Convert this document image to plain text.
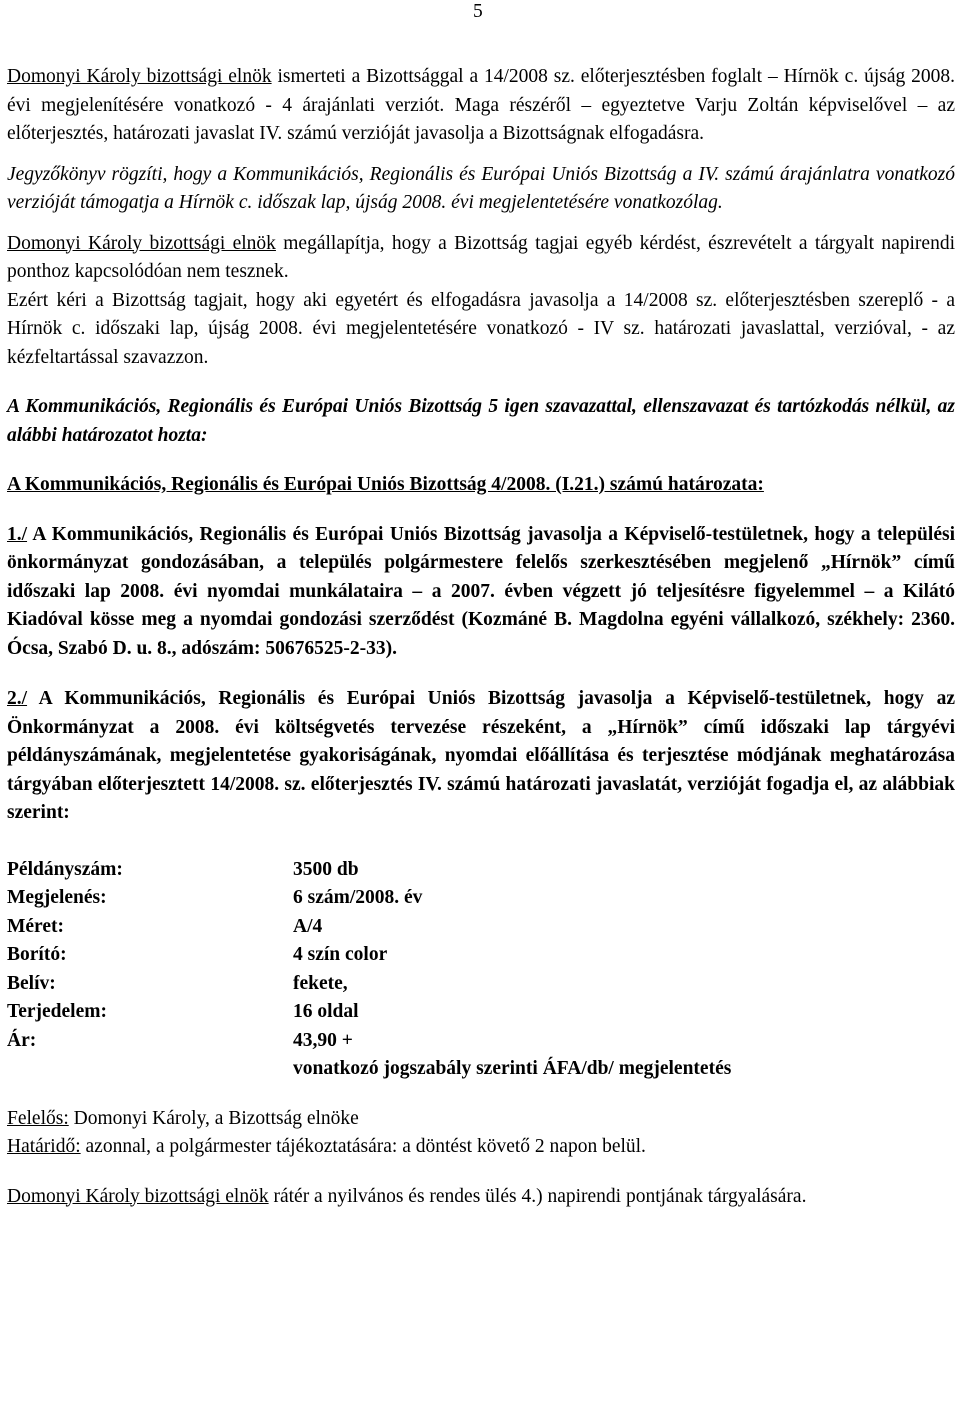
5

Domonyi Károly bizottsági elnök ismerteti a Bizottsággal a 14/2008 sz. előterjesztésben foglalt – Hírnök c. újság 2008. évi megjelenítésére vonatkozó - 4 árajánlati verziót. Maga részéről – egyeztetve Varju Zoltán képviselővel – az előterjesztés, határozati javaslat IV. számú verzióját javasolja a Bizottságnak elfogadásra.

Jegyzőkönyv rögzíti, hogy a Kommunikációs, Regionális és Európai Uniós Bizottság a IV. számú árajánlatra vonatkozó verzióját támogatja a Hírnök c. időszak lap, újság 2008. évi megjelentetésére vonatkozólag.

Domonyi Károly bizottsági elnök megállapítja, hogy a Bizottság tagjai egyéb kérdést, észrevételt a tárgyalt napirendi ponthoz kapcsolódóan nem tesznek.

Ezért kéri a Bizottság tagjait, hogy aki egyetért és elfogadásra javasolja a 14/2008 sz. előterjesztésben szereplő - a Hírnök c. időszaki lap, újság 2008. évi megjelentetésére vonatkozó - IV sz. határozati javaslattal, verzióval, - az kézfeltartással szavazzon.

A Kommunikációs, Regionális és Európai Uniós Bizottság 5 igen szavazattal, ellenszavazat és tartózkodás nélkül, az alábbi határozatot hozta:

A Kommunikációs, Regionális és Európai Uniós Bizottság 4/2008. (I.21.) számú határozata:

1./ A Kommunikációs, Regionális és Európai Uniós Bizottság javasolja a Képviselő-testületnek, hogy a települési önkormányzat gondozásában, a település polgármestere felelős szerkesztésében megjelenő „Hírnök” című időszaki lap 2008. évi nyomdai munkálataira – a 2007. évben végzett jó teljesítésre figyelemmel – a Kilátó Kiadóval kösse meg a nyomdai gondozási szerződést (Kozmáné B. Magdolna egyéni vállalkozó, székhely: 2360. Ócsa, Szabó D. u. 8., adószám: 50676525-2-33).

2./ A Kommunikációs, Regionális és Európai Uniós Bizottság javasolja a Képviselő-testületnek, hogy az Önkormányzat a 2008. évi költségvetés tervezése részeként, a „Hírnök” című időszaki lap tárgyévi példányszámának, megjelentetése gyakoriságának, nyomdai előállítása és terjesztése módjának meghatározása tárgyában előterjesztett 14/2008. sz. előterjesztés IV. számú határozati javaslatát, verzióját fogadja el, az alábbiak szerint:

Példányszám:	3500 db
Megjelenés:	6 szám/2008. év
Méret:	A/4
Borító:	4 szín color
Belív:	fekete,
Terjedelem:	16 oldal
Ár:	43,90 +
	vonatkozó jogszabály szerinti ÁFA/db/ megjelentetés

Felelős: Domonyi Károly, a Bizottság elnöke

Határidő: azonnal, a polgármester tájékoztatására: a döntést követő 2 napon belül.

Domonyi Károly bizottsági elnök rátér a nyilvános és rendes ülés 4.) napirendi pontjának tárgyalására.
